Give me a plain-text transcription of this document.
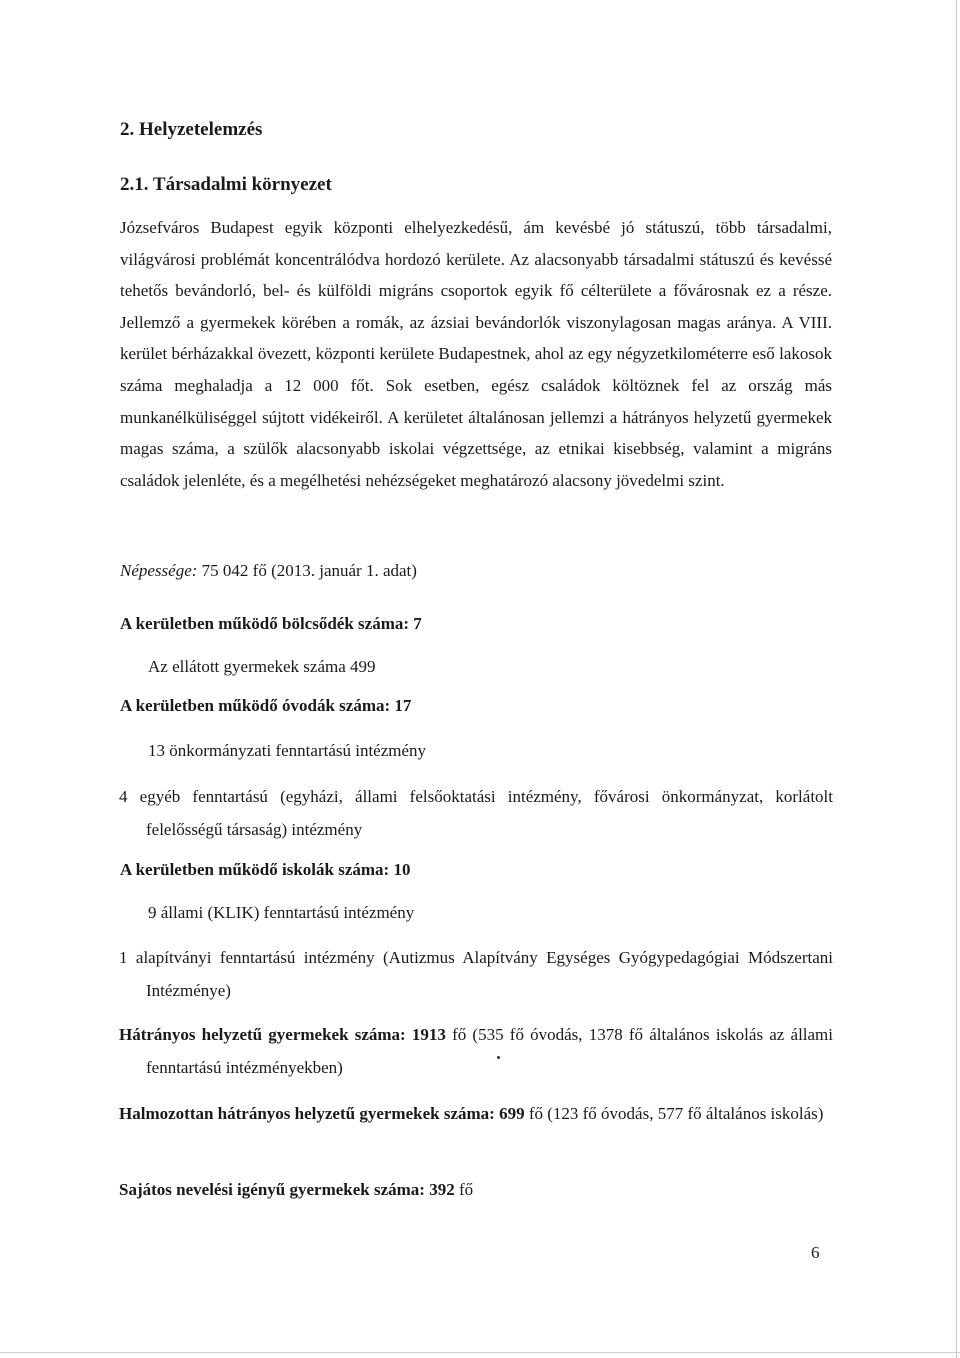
2. Helyzetelemzés
2.1. Társadalmi környezet

Józsefváros Budapest egyik központi elhelyezkedésű, ám kevésbé jó státuszú, több társadalmi, világvárosi problémát koncentrálódva hordozó kerülete. Az alacsonyabb társadalmi státuszú és kevéssé tehetős bevándorló, bel- és külföldi migráns csoportok egyik fő célterülete a fővárosnak ez a része. Jellemző a gyermekek körében a romák, az ázsiai bevándorlók viszonylagosan magas aránya. A VIII. kerület bérházakkal övezett, központi kerülete Budapestnek, ahol az egy négyzetkilométerre eső lakosok száma meghaladja a 12 000 főt. Sok esetben, egész családok költöznek fel az ország más munkanélküliséggel sújtott vidékeiről. A kerületet általánosan jellemzi a hátrányos helyzetű gyermekek magas száma, a szülők alacsonyabb iskolai végzettsége, az etnikai kisebbség, valamint a migráns családok jelenléte, és a megélhetési nehézségeket meghatározó alacsony jövedelmi szint.

Népessége: 75 042 fő (2013. január 1. adat)

A kerületben működő bölcsődék száma: 7

Az ellátott gyermekek száma 499

A kerületben működő óvodák száma: 17

13 önkormányzati fenntartású intézmény

4 egyéb fenntartású (egyházi, állami felsőoktatási intézmény, fővárosi önkormányzat, korlátolt felelősségű társaság) intézmény

A kerületben működő iskolák száma: 10

9 állami (KLIK) fenntartású intézmény

1 alapítványi fenntartású intézmény (Autizmus Alapítvány Egységes Gyógypedagógiai Módszertani Intézménye)

Hátrányos helyzetű gyermekek száma: 1913 fő (535 fő óvodás, 1378 fő általános iskolás az állami fenntartású intézményekben)

Halmozottan hátrányos helyzetű gyermekek száma: 699 fő (123 fő óvodás, 577 fő általános iskolás)

Sajátos nevelési igényű gyermekek száma: 392 fő

6
